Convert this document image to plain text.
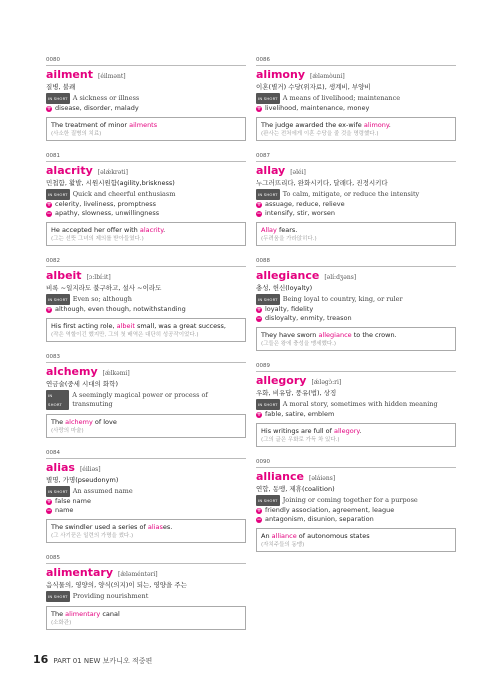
0080
ailment [éilmənt]
질병, 불쾌
IN SHORT A sickness or illness
+ disease, disorder, malady
The treatment of minor ailments
(사소한 질병의 치료)
0081
alacrity [əlǽkrəti]
민첩함, 활발, 시원시원함(agility,briskness)
IN SHORT Quick and cheerful enthusiasm
+ celerity, liveliness, promptness
− apathy, slowness, unwillingness
He accepted her offer with alacrity.
(그는 선뜻 그녀의 제의를 받아들였다.)
0082
albeit [ɔ:lbí:it]
비록 ~일지라도 불구하고, 설사 ~이라도
IN SHORT Even so; although
+ although, even though, notwithstanding
His first acting role, albeit small, was a great success,
(작은 역할이긴 했지만, 그의 첫 배역은 대단히 성공작이었다.)
0083
alchemy [ǽlkəmi]
연금술(중세 시대의 화학)
IN SHORT
A seemingly magical power or process of transmuting
The alchemy of love
(사랑의 마술)
0084
alias [éiliəs]
별명, 가명(pseudonym)
IN SHORT An assumed name
+ false name
− name
The swindler used a series of aliases.
(그 사기꾼은 일련의 가명을 썼다.)
0085
alimentary [æ̀ləméntəri]
음식물의, 영양의, 양식(의지)이 되는, 영양을 주는
IN SHORT Providing nourishment
The alimentary canal
(소화관)
0086
alimony [ǽləmòuni]
이혼(별거) 수당(위자료), 생계비, 부양비
IN SHORT A means of livelihood; maintenance
+ livelihood, maintenance, money
The judge awarded the ex-wife alimony.
(판사는 전처에게 이혼 수당을 줄 것을 명령했다.)
0087
allay [əléi]
누그러뜨리다, 완화시키다, 달래다, 진정시키다
IN SHORT To calm, mitigate, or reduce the intensity
+ assuage, reduce, relieve
− intensify, stir, worsen
Allay fears.
(두려움을 가라앉히다.)
0088
allegiance [əlí:dʒəns]
충성, 헌신(loyalty)
IN SHORT Being loyal to country, king, or ruler
+ loyalty, fidelity
− disloyalty, enmity, treason
They have sworn allegiance to the crown.
(그들은 왕에 충성을 맹세했다.)
0089
allegory [ǽləgɔ̀:ri]
우화, 비유담, 풍유(법), 상징
IN SHORT A moral story, sometimes with hidden meaning
+ fable, satire, emblem
His writings are full of allegory.
(그의 글은 우화로 가득 차 있다.)
0090
alliance [əláiəns]
연합, 동맹, 제휴(coalition)
IN SHORT Joining or coming together for a purpose
+ friendly association, agreement, league
− antagonism, disunion, separation
An alliance of autonomous states
(자치주들의 동맹)
16 PART 01 NEW 보카니오 적중편
